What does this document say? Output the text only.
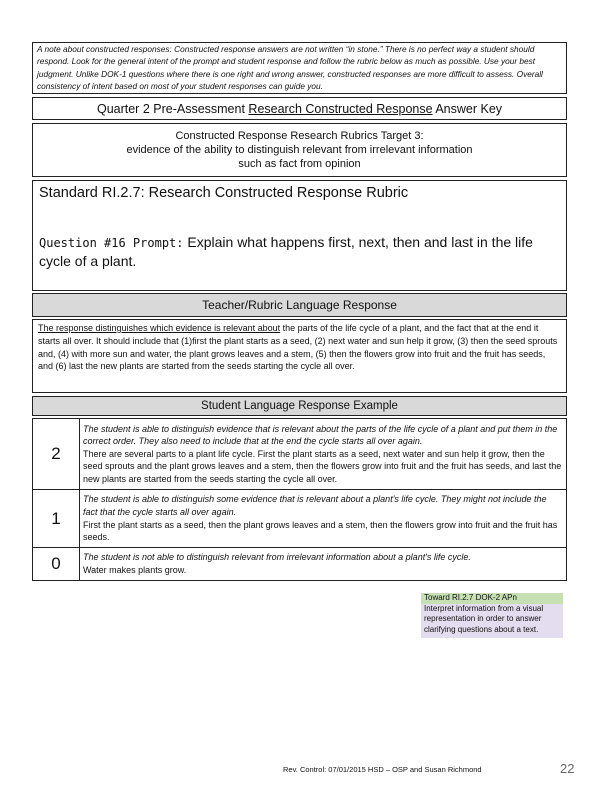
A note about constructed responses: Constructed response answers are not written “in stone.” There is no perfect way a student should respond. Look for the general intent of the prompt and student response and follow the rubric below as much as possible. Use your best judgment. Unlike DOK-1 questions where there is one right and wrong answer, constructed responses are more difficult to assess. Overall consistency of intent based on most of your student responses can guide you.
Quarter 2 Pre-Assessment Research Constructed Response Answer Key
Constructed Response Research Rubrics Target 3:
evidence of the ability to distinguish relevant from irrelevant information
such as fact from opinion
Standard RI.2.7: Research Constructed Response Rubric
Question #16 Prompt: Explain what happens first, next, then and last in the life cycle of a plant.
Teacher/Rubric Language Response
The response distinguishes which evidence is relevant about the parts of the life cycle of a plant, and the fact that at the end it starts all over. It should include that (1)first the plant starts as a seed, (2) next water and sun help it grow, (3) then the seed sprouts and, (4) with more sun and water, the plant grows leaves and a stem, (5) then the flowers grow into fruit and the fruit has seeds, and (6) last the new plants are started from the seeds starting the cycle all over.
Student Language Response Example
2	The student is able to distinguish evidence that is relevant about the parts of the life cycle of a plant and put them in the correct order. They also need to include that at the end the cycle starts all over again.
There are several parts to a plant life cycle. First the plant starts as a seed, next water and sun help it grow, then the seed sprouts and the plant grows leaves and a stem, then the flowers grow into fruit and the fruit has seeds, and last the new plants are started from the seeds starting the cycle all over.
1	The student is able to distinguish some evidence that is relevant about a plant's life cycle. They might not include the fact that the cycle starts all over again.
First the plant starts as a seed, then the plant grows leaves and a stem, then the flowers grow into fruit and the fruit has seeds.
0	The student is not able to distinguish relevant from irrelevant information about a plant's life cycle.
Water makes plants grow.
Toward RI.2.7 DOK-2 APn
Interpret information from a visual representation in order to answer clarifying questions about a text.
Rev. Control: 07/01/2015 HSD – OSP and Susan Richmond	22
